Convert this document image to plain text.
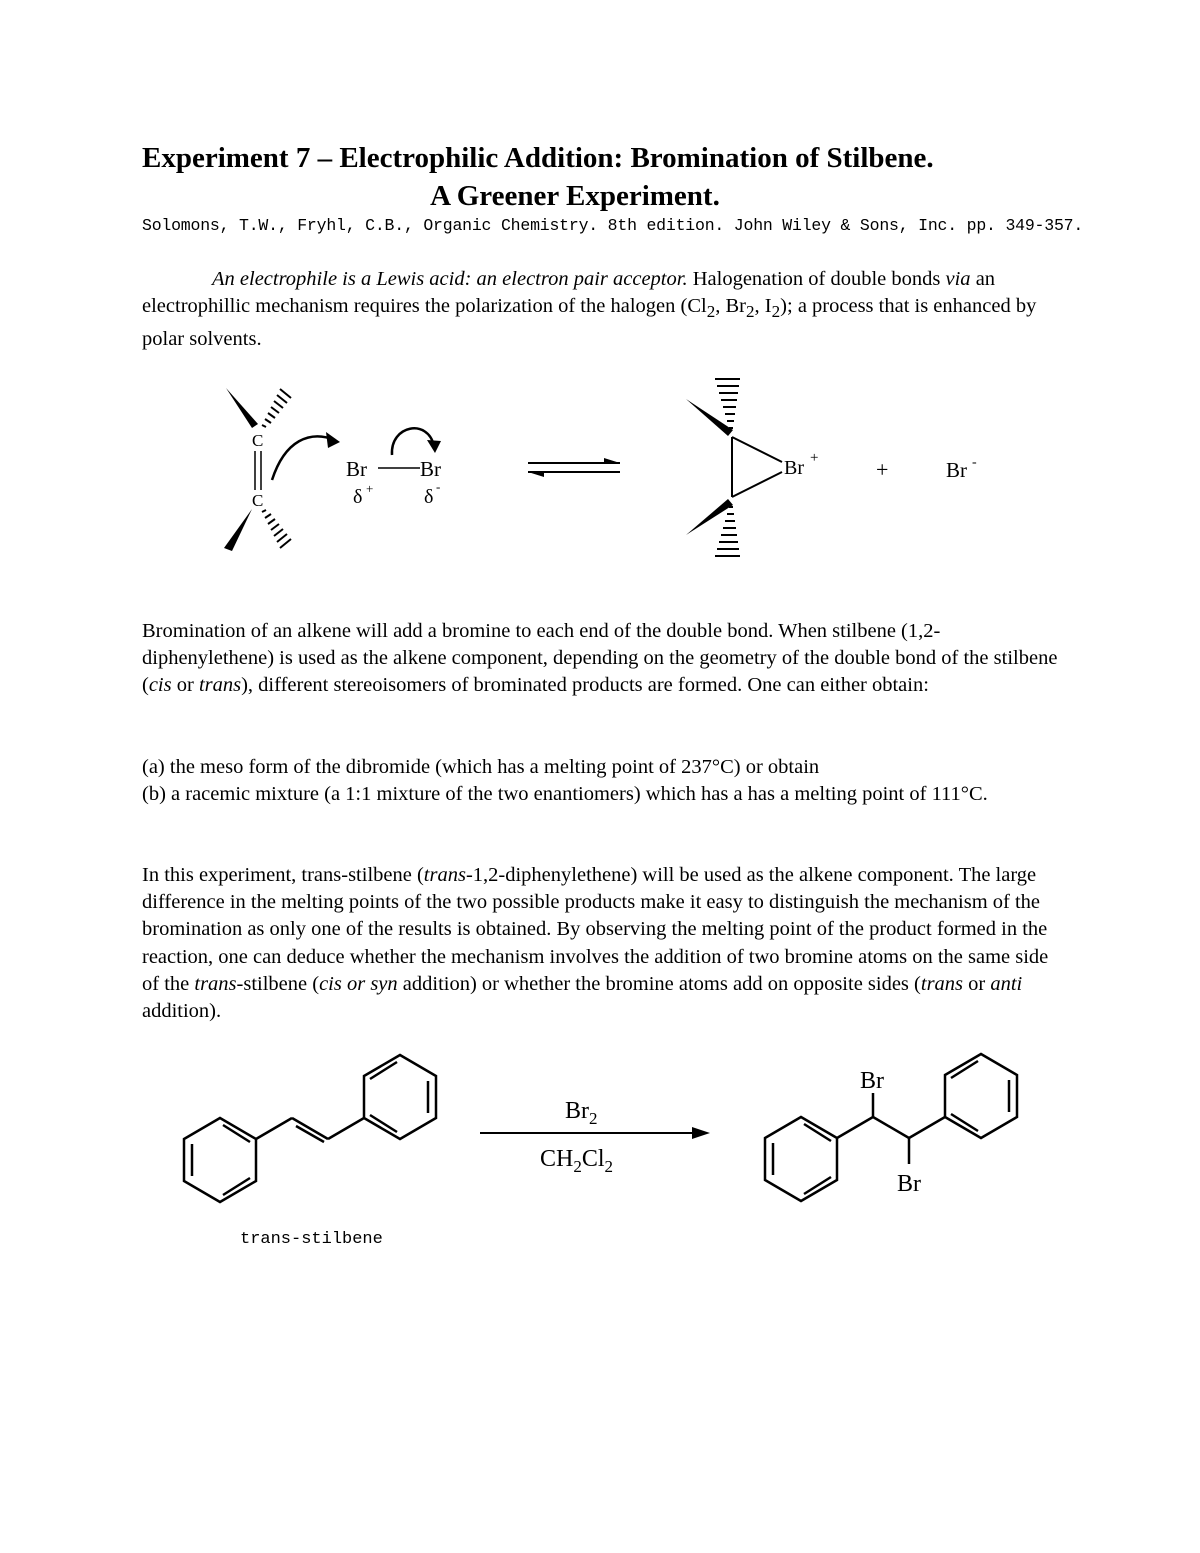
Experiment 7 – Electrophilic Addition: Bromination of Stilbene.
A Greener Experiment.
Solomons, T.W., Fryhl, C.B., Organic Chemistry. 8th edition. John Wiley & Sons, Inc. pp. 349-357.
An electrophile is a Lewis acid: an electron pair acceptor. Halogenation of double bonds via an electrophillic mechanism requires the polarization of the halogen ($Cl_2$, $Br_2$, $I_2$); a process that is enhanced by polar solvents.
C
C
Br	Br
δ +	δ -
Br +	+	Br -
Bromination of an alkene will add a bromine to each end of the double bond. When stilbene (1,2-diphenylethene) is used as the alkene component, depending on the geometry of the double bond of the stilbene (cis or trans), different stereoisomers of brominated products are formed. One can either obtain:
(a) the meso form of the dibromide (which has a melting point of 237°C) or obtain
(b) a racemic mixture (a 1:1 mixture of the two enantiomers) which has a has a melting point of 111°C.
In this experiment, trans-stilbene (trans-1,2-diphenylethene) will be used as the alkene component. The large difference in the melting points of the two possible products make it easy to distinguish the mechanism of the bromination as only one of the results is obtained. By observing the melting point of the product formed in the reaction, one can deduce whether the mechanism involves the addition of two bromine atoms on the same side of the trans-stilbene (cis or syn addition) or whether the bromine atoms add on opposite sides (trans or anti addition).
trans-stilbene
$Br_2$
$CH_2Cl_2$
Br
Br
